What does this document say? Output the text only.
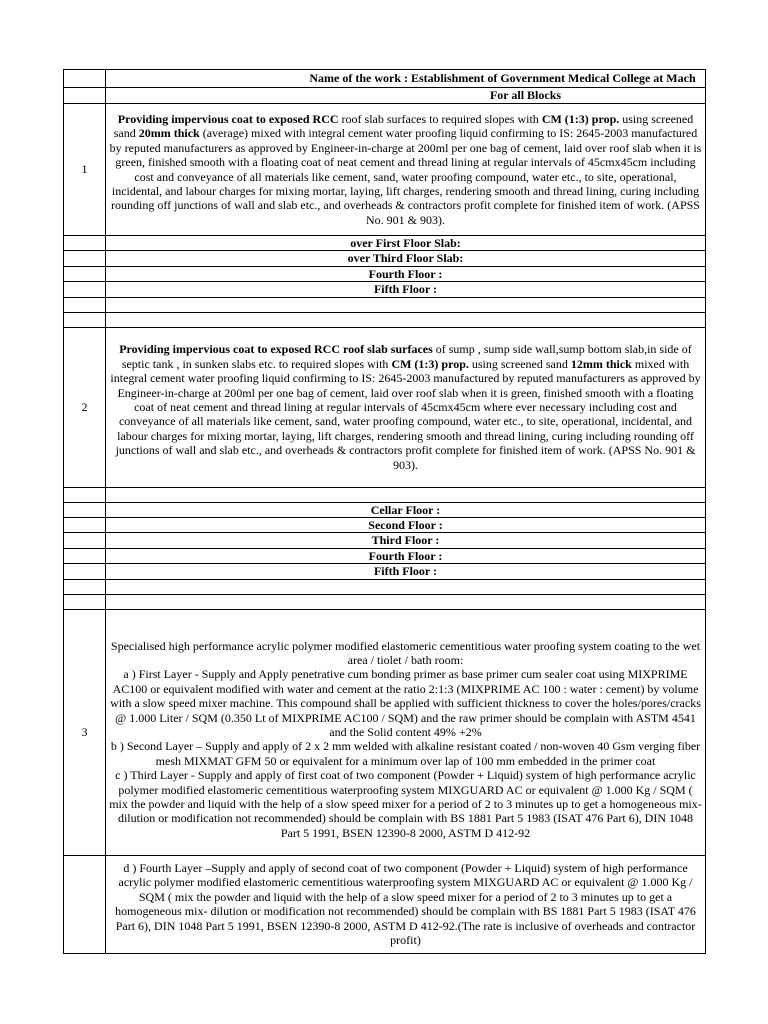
	Name of the work : Establishment of Government Medical College at Mach
	For all Blocks
1	Providing impervious coat to exposed RCC roof slab surfaces to required slopes with CM (1:3) prop. using screened sand 20mm thick (average) mixed with integral cement water proofing liquid confirming to IS: 2645-2003 manufactured by reputed manufacturers as approved by Engineer-in-charge at 200ml per one bag of cement, laid over roof slab when it is green, finished smooth with a floating coat of neat cement and thread lining at regular intervals of 45cmx45cm including cost and conveyance of all materials like cement, sand, water proofing compound, water etc., to site, operational, incidental, and labour charges for mixing mortar, laying, lift charges, rendering smooth and thread lining, curing including rounding off junctions of wall and slab etc., and overheads & contractors profit complete for finished item of work. (APSS No. 901 & 903).
	over First Floor Slab:
	over Third Floor Slab:
	Fourth Floor :
	Fifth Floor :

2	Providing impervious coat to exposed RCC roof slab surfaces of sump , sump side wall,sump bottom slab,in side of septic tank , in sunken slabs etc. to required slopes with CM (1:3) prop. using screened sand 12mm thick mixed with integral cement water proofing liquid confirming to IS: 2645-2003 manufactured by reputed manufacturers as approved by Engineer-in-charge at 200ml per one bag of cement, laid over roof slab when it is green, finished smooth with a floating coat of neat cement and thread lining at regular intervals of 45cmx45cm where ever necessary including cost and conveyance of all materials like cement, sand, water proofing compound, water etc., to site, operational, incidental, and labour charges for mixing mortar, laying, lift charges, rendering smooth and thread lining, curing including rounding off junctions of wall and slab etc., and overheads & contractors profit complete for finished item of work. (APSS No. 901 & 903).

	Cellar Floor :
	Second Floor :
	Third Floor :
	Fourth Floor :
	Fifth Floor :

3	Specialised high performance acrylic polymer modified elastomeric cementitious water proofing system coating to the wet area / tiolet / bath room:
a ) First Layer - Supply and Apply penetrative cum bonding primer as base primer cum sealer coat using MIXPRIME AC100 or equivalent modified with water and cement at the ratio 2:1:3 (MIXPRIME AC 100 : water : cement) by volume with a slow speed mixer machine. This compound shall be applied with sufficient thickness to cover the holes/pores/cracks @ 1.000 Liter / SQM (0.350 Lt of MIXPRIME AC100 / SQM) and the raw primer should be complain with ASTM 4541 and the Solid content 49% +2%
b ) Second Layer – Supply and apply of 2 x 2 mm welded with alkaline resistant coated / non-woven 40 Gsm verging fiber mesh MIXMAT GFM 50 or equivalent for a minimum over lap of 100 mm embedded in the primer coat
c ) Third Layer - Supply and apply of first coat of two component (Powder + Liquid) system of high performance acrylic polymer modified elastomeric cementitious waterproofing system MIXGUARD AC or equivalent @ 1.000 Kg / SQM ( mix the powder and liquid with the help of a slow speed mixer for a period of 2 to 3 minutes up to get a homogeneous mix- dilution or modification not recommended) should be complain with BS 1881 Part 5 1983 (ISAT 476 Part 6), DIN 1048 Part 5 1991, BSEN 12390-8 2000, ASTM D 412-92

	d ) Fourth Layer –Supply and apply of second coat of two component (Powder + Liquid) system of high performance acrylic polymer modified elastomeric cementitious waterproofing system MIXGUARD AC or equivalent @ 1.000 Kg / SQM ( mix the powder and liquid with the help of a slow speed mixer for a period of 2 to 3 minutes up to get a homogeneous mix- dilution or modification not recommended) should be complain with BS 1881 Part 5 1983 (ISAT 476 Part 6), DIN 1048 Part 5 1991, BSEN 12390-8 2000, ASTM D 412-92.(The rate is inclusive of overheads and contractor profit)
